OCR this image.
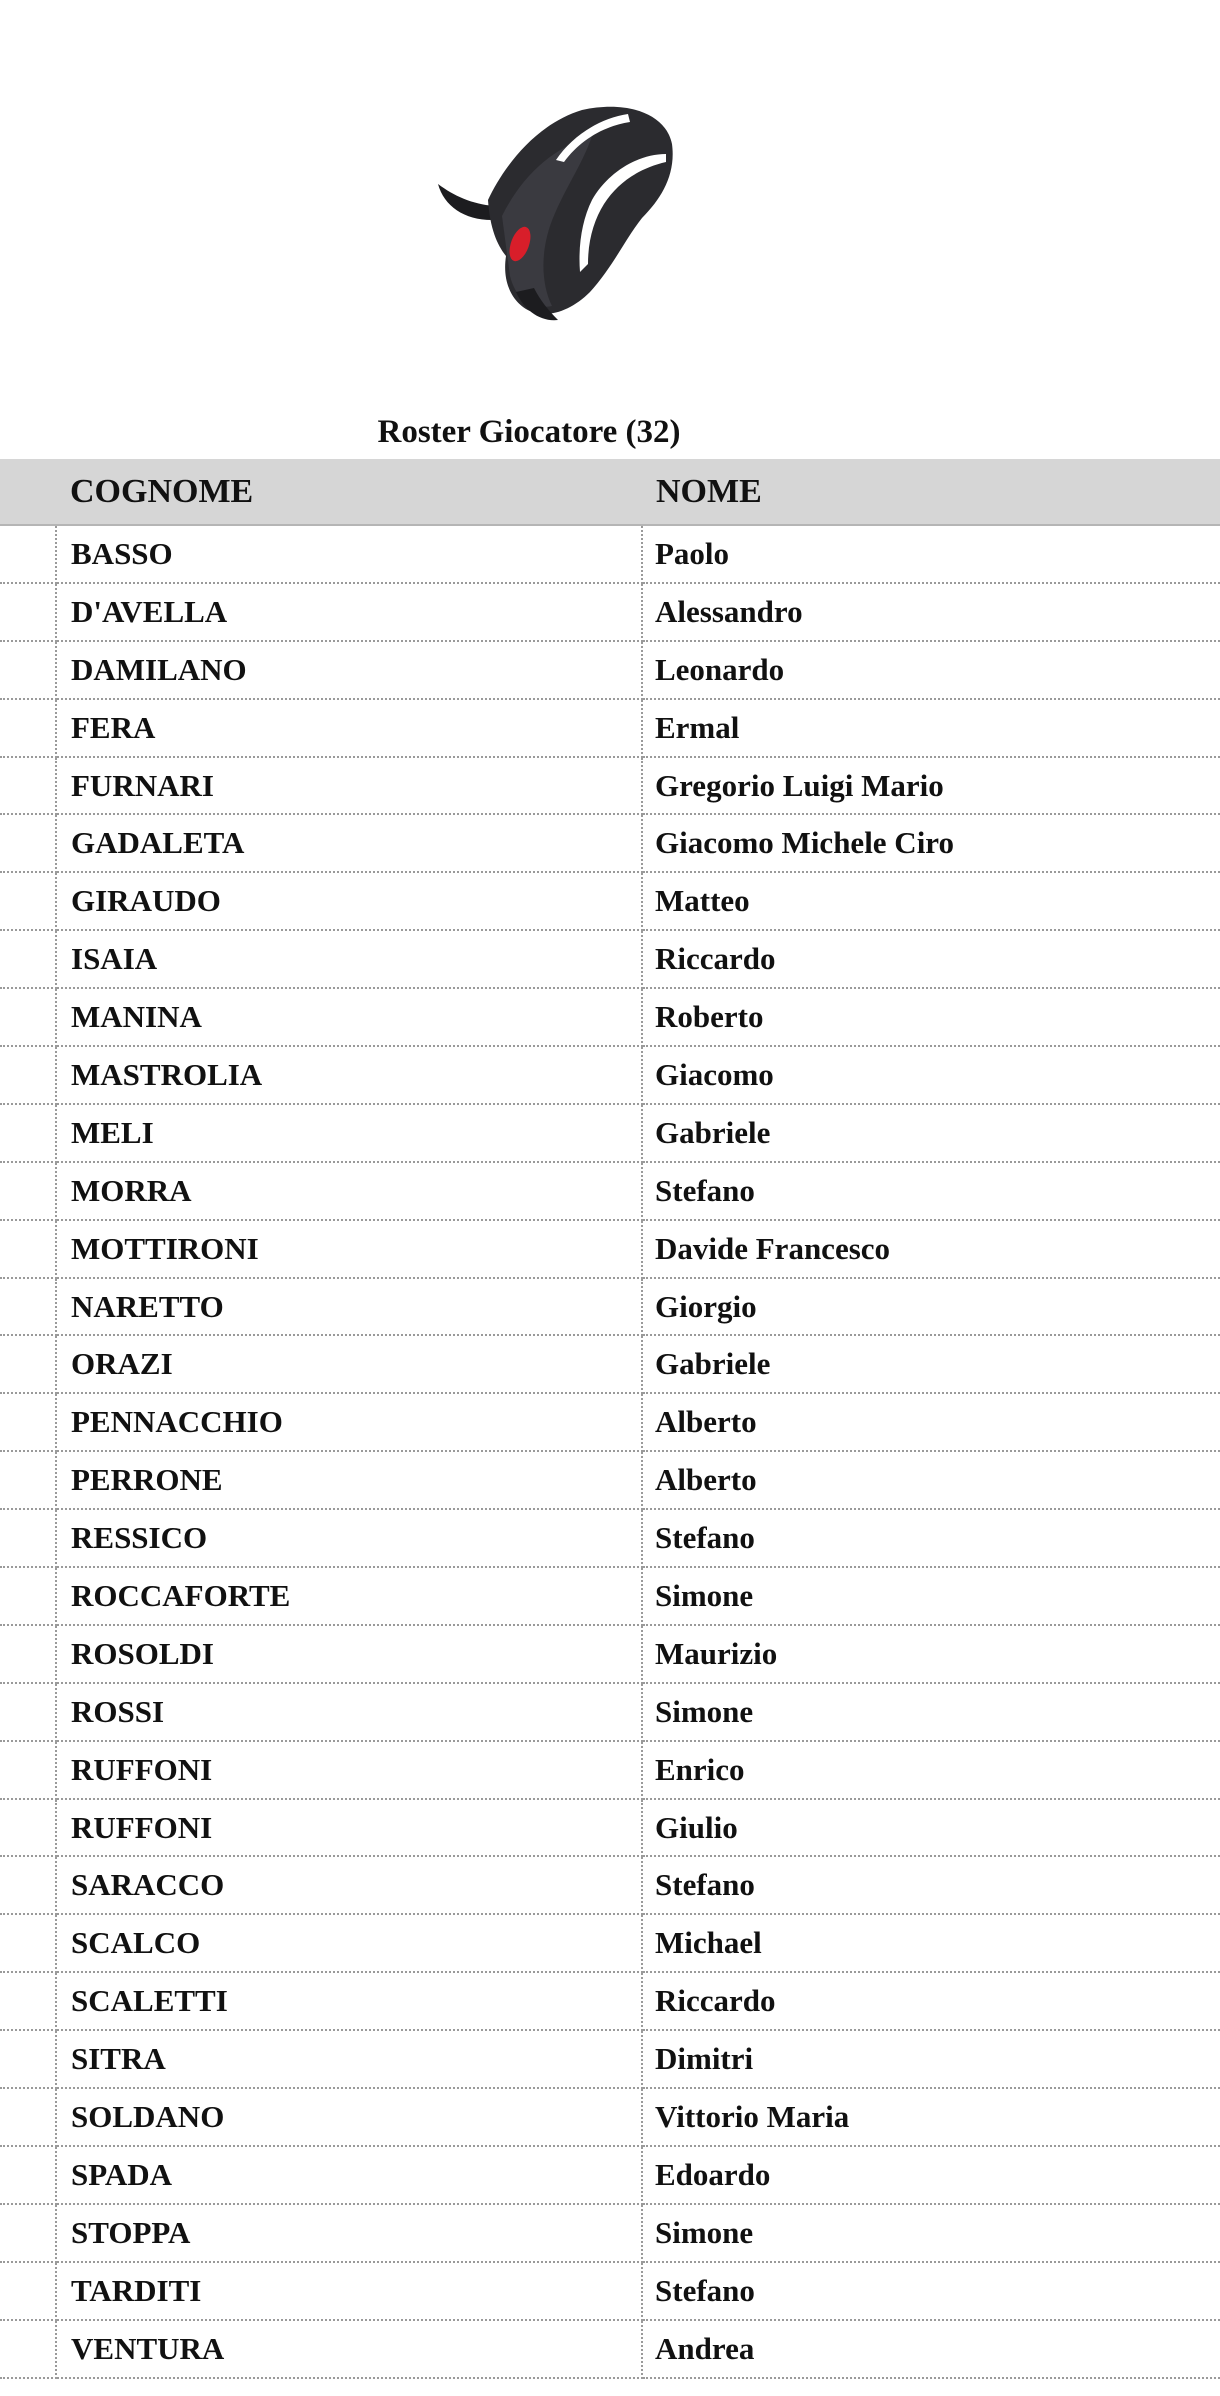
Roster Giocatore (32)
	COGNOME	NOME
	BASSO	Paolo
	D'AVELLA	Alessandro
	DAMILANO	Leonardo
	FERA	Ermal
	FURNARI	Gregorio Luigi Mario
	GADALETA	Giacomo Michele Ciro
	GIRAUDO	Matteo
	ISAIA	Riccardo
	MANINA	Roberto
	MASTROLIA	Giacomo
	MELI	Gabriele
	MORRA	Stefano
	MOTTIRONI	Davide Francesco
	NARETTO	Giorgio
	ORAZI	Gabriele
	PENNACCHIO	Alberto
	PERRONE	Alberto
	RESSICO	Stefano
	ROCCAFORTE	Simone
	ROSOLDI	Maurizio
	ROSSI	Simone
	RUFFONI	Enrico
	RUFFONI	Giulio
	SARACCO	Stefano
	SCALCO	Michael
	SCALETTI	Riccardo
	SITRA	Dimitri
	SOLDANO	Vittorio Maria
	SPADA	Edoardo
	STOPPA	Simone
	TARDITI	Stefano
	VENTURA	Andrea
